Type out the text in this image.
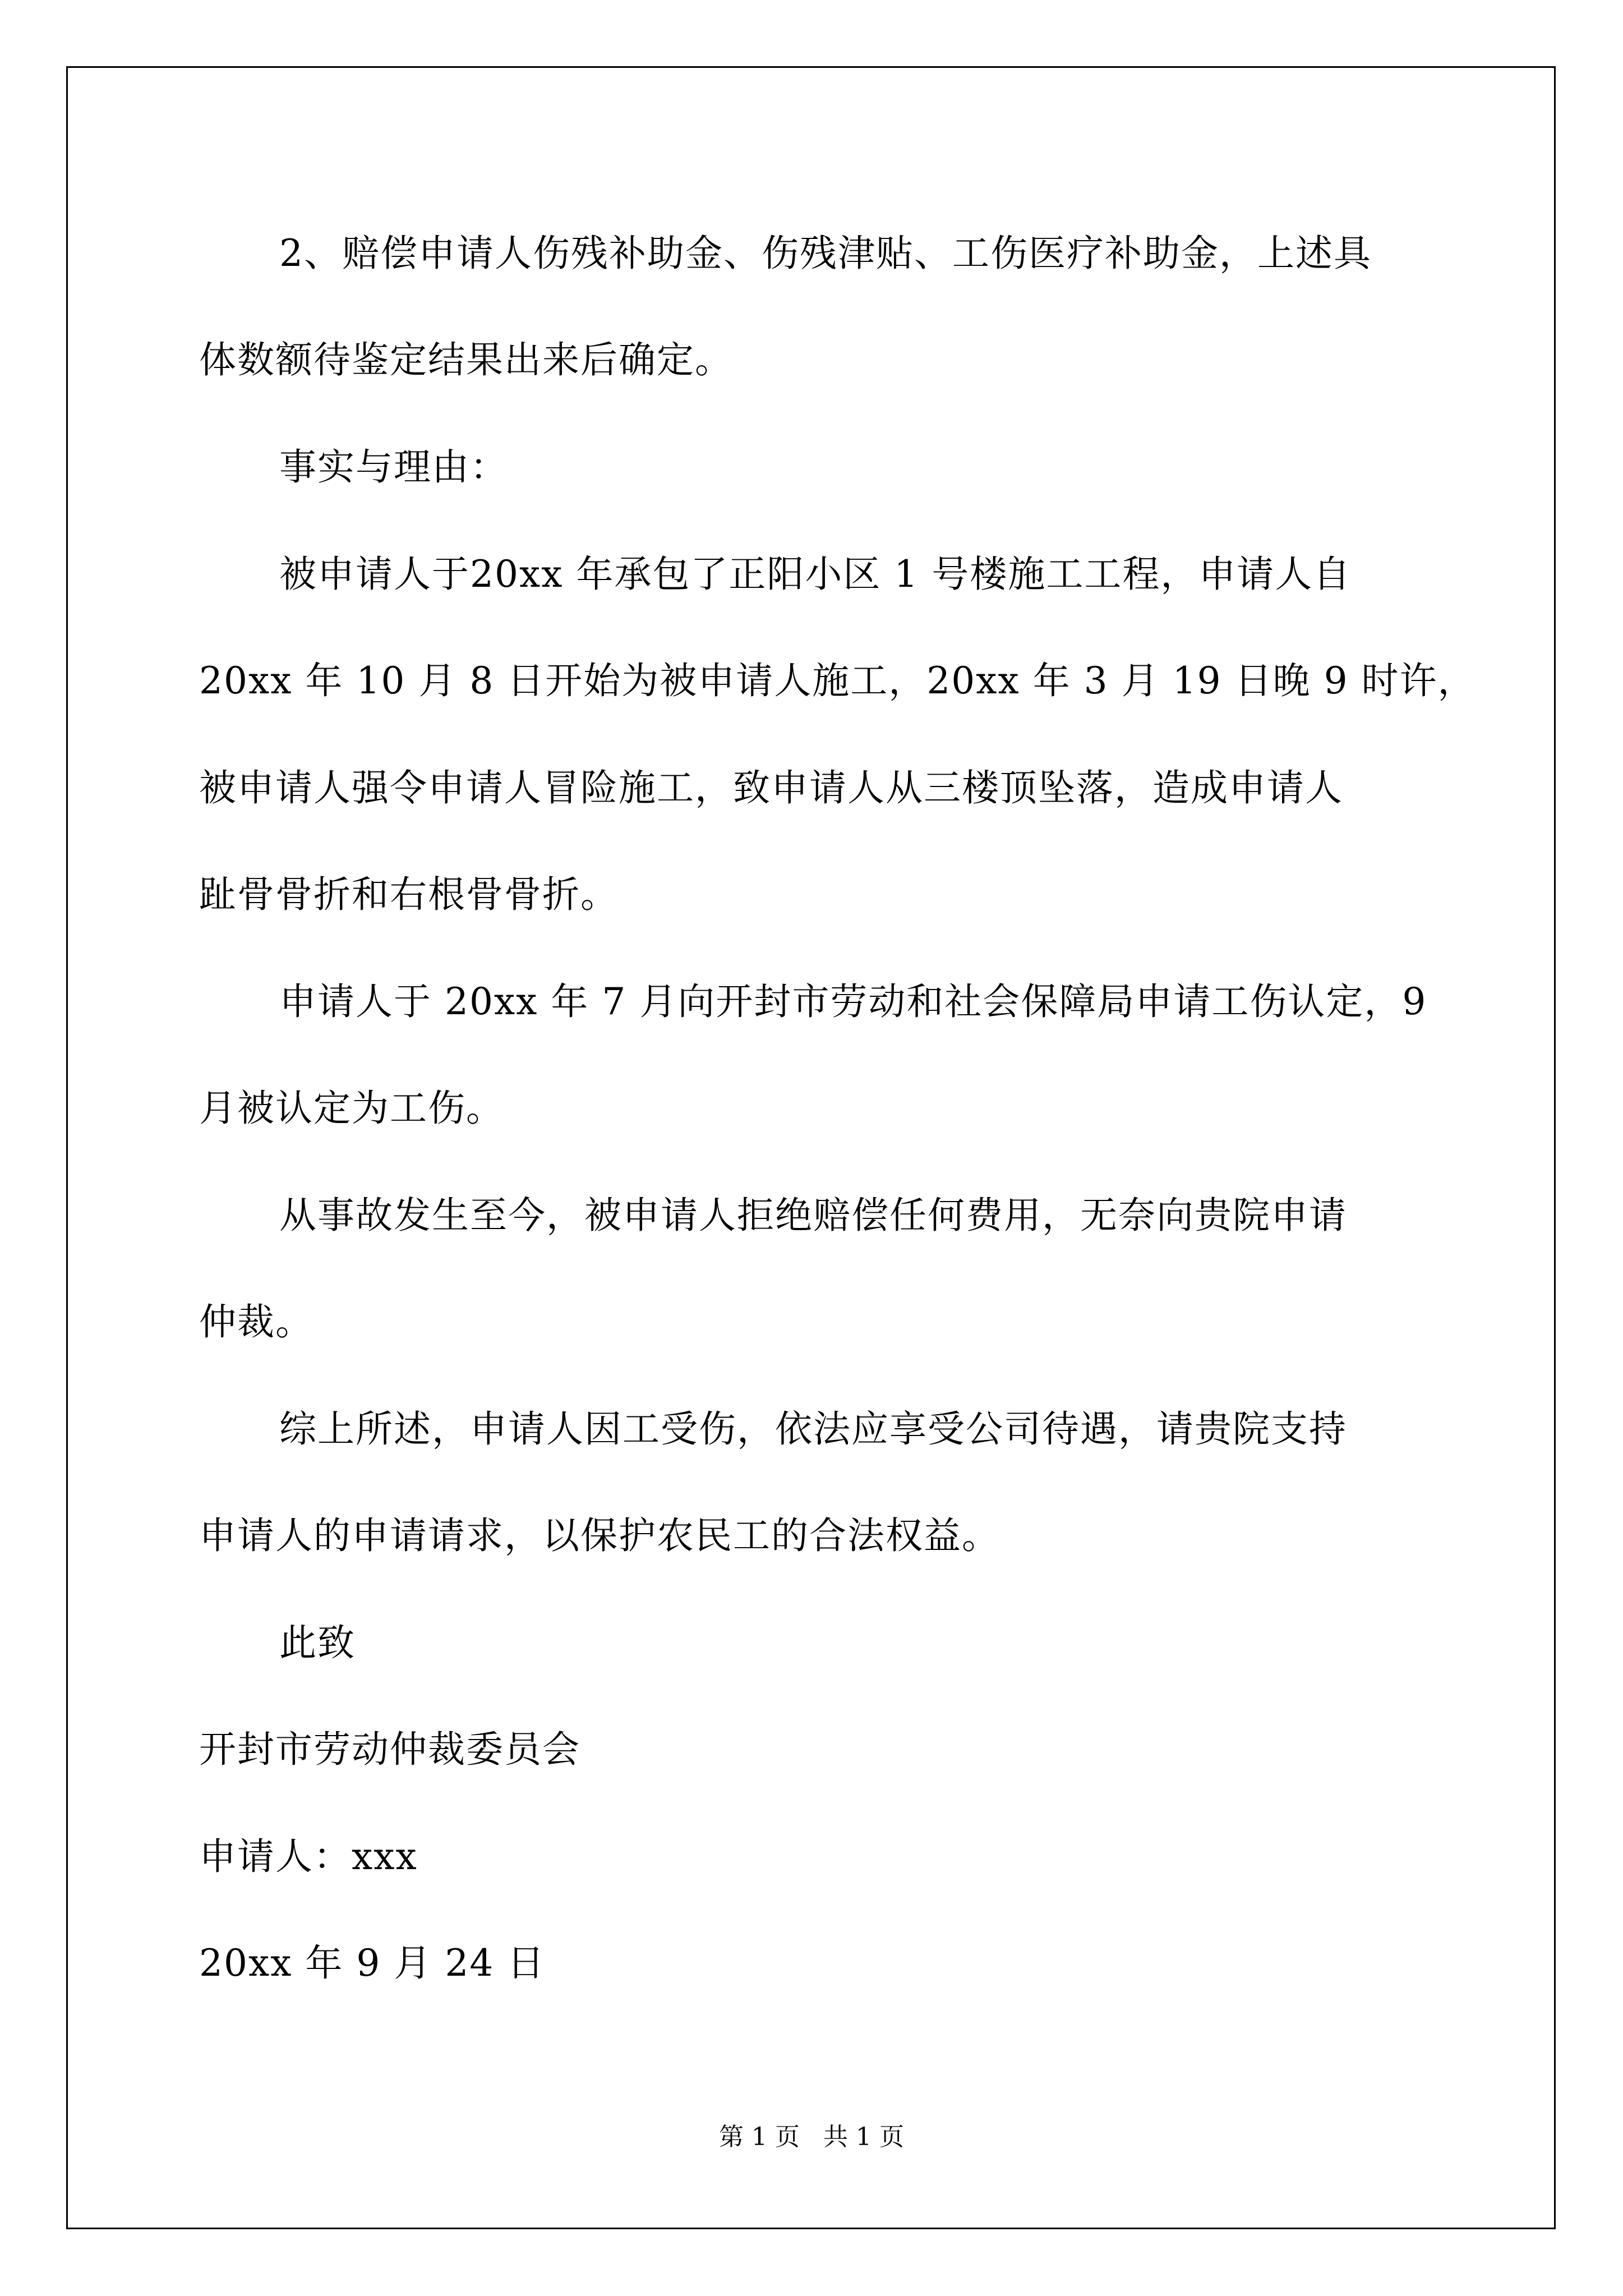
2、赔偿申请人伤残补助金、伤残津贴、工伤医疗补助金，上述具
体数额待鉴定结果出来后确定。
事实与理由：
被申请人于20xx 年承包了正阳小区 1 号楼施工工程，申请人自
20xx 年 10 月 8 日开始为被申请人施工，20xx 年 3 月 19 日晚 9 时许，
被申请人强令申请人冒险施工，致申请人从三楼顶坠落，造成申请人
趾骨骨折和右根骨骨折。
申请人于 20xx 年 7 月向开封市劳动和社会保障局申请工伤认定，9
月被认定为工伤。
从事故发生至今，被申请人拒绝赔偿任何费用，无奈向贵院申请
仲裁。
综上所述，申请人因工受伤，依法应享受公司待遇，请贵院支持
申请人的申请请求，以保护农民工的合法权益。
此致
开封市劳动仲裁委员会
申请人：xxx
20xx 年 9 月 24 日
第 1 页   共 1 页
